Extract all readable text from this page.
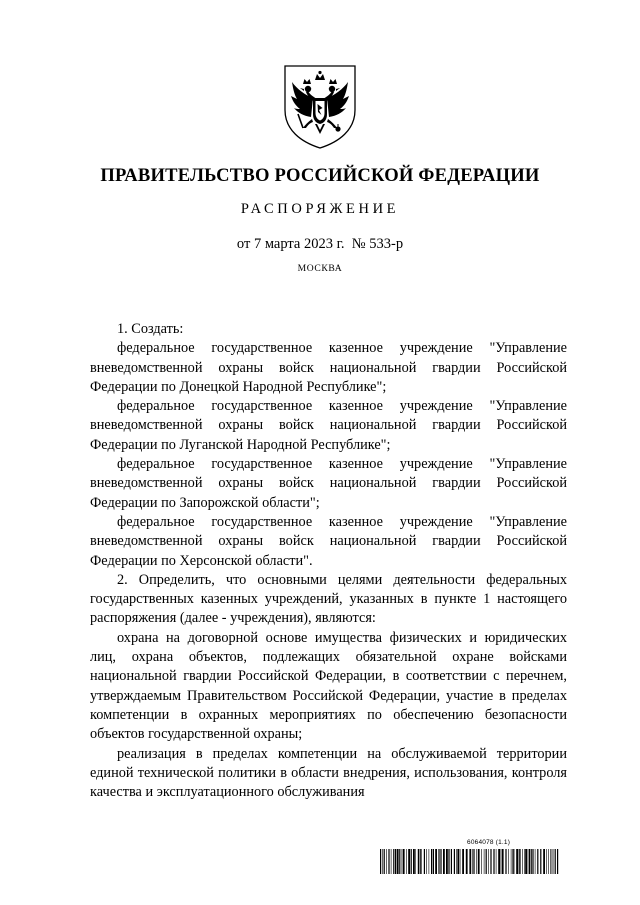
ПРАВИТЕЛЬСТВО РОССИЙСКОЙ ФЕДЕРАЦИИ
РАСПОРЯЖЕНИЕ
от 7 марта 2023 г.  № 533-р
МОСКВА

1. Создать:

федеральное государственное казенное учреждение "Управление вневедомственной охраны войск национальной гвардии Российской Федерации по Донецкой Народной Республике";

федеральное государственное казенное учреждение "Управление вневедомственной охраны войск национальной гвардии Российской Федерации по Луганской Народной Республике";

федеральное государственное казенное учреждение "Управление вневедомственной охраны войск национальной гвардии Российской Федерации по Запорожской области";

федеральное государственное казенное учреждение "Управление вневедомственной охраны войск национальной гвардии Российской Федерации по Херсонской области".

2. Определить, что основными целями деятельности федеральных государственных казенных учреждений, указанных в пункте 1 настоящего распоряжения (далее - учреждения), являются:

охрана на договорной основе имущества физических и юридических лиц, охрана объектов, подлежащих обязательной охране войсками национальной гвардии Российской Федерации, в соответствии с перечнем, утверждаемым Правительством Российской Федерации, участие в пределах компетенции в охранных мероприятиях по обеспечению безопасности объектов государственной охраны;

реализация в пределах компетенции на обслуживаемой территории единой технической политики в области внедрения, использования, контроля качества и эксплуатационного обслуживания

6064078 (1.1)
